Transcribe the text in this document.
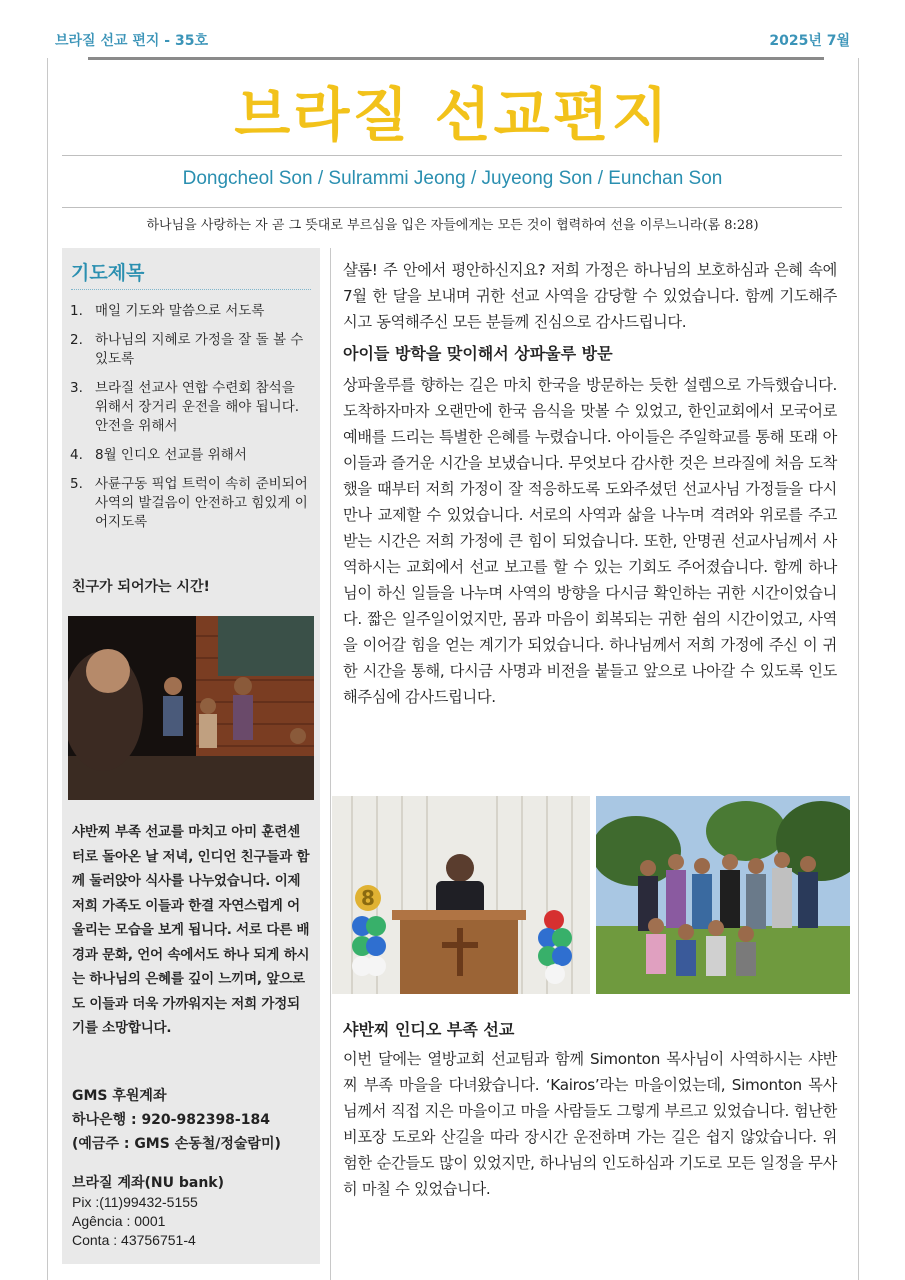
브라질 선교 편지 - 35호	2025년 7월
브라질 선교편지
Dongcheol Son / Sulrammi Jeong / Juyeong Son / Eunchan Son
하나님을 사랑하는 자 곧 그 뜻대로 부르심을 입은 자들에게는 모든 것이 협력하여 선을 이루느니라(롬 8:28)
기도제목
1. 매일 기도와 말씀으로 서도록
2. 하나님의 지혜로 가정을 잘 돌 볼 수 있도록
3. 브라질 선교사 연합 수련회 참석을 위해서 장거리 운전을 해야 됩니다. 안전을 위해서
4. 8월 인디오 선교를 위해서
5. 사륜구동 픽업 트럭이 속히 준비되어 사역의 발걸음이 안전하고 힘있게 이어지도록
친구가 되어가는 시간!
샤반찌 부족 선교를 마치고 아미 훈련센터로 돌아온 날 저녁, 인디언 친구들과 함께 둘러앉아 식사를 나누었습니다. 이제 저희 가족도 이들과 한결 자연스럽게 어울리는 모습을 보게 됩니다. 서로 다른 배경과 문화, 언어 속에서도 하나 되게 하시는 하나님의 은혜를 깊이 느끼며, 앞으로도 이들과 더욱 가까워지는 저희 가정되기를 소망합니다.
GMS 후원계좌
하나은행 : 920-982398-184
(예금주 : GMS 손동철/정술람미)
브라질 계좌(NU bank)
Pix :(11)99432-5155
Agência : 0001
Conta : 43756751-4
샬롬! 주 안에서 평안하신지요? 저희 가정은 하나님의 보호하심과 은혜 속에 7월 한 달을 보내며 귀한 선교 사역을 감당할 수 있었습니다. 함께 기도해주시고 동역해주신 모든 분들께 진심으로 감사드립니다.
아이들 방학을 맞이해서 상파울루 방문
상파울루를 향하는 길은 마치 한국을 방문하는 듯한 설렘으로 가득했습니다. 도착하자마자 오랜만에 한국 음식을 맛볼 수 있었고, 한인교회에서 모국어로 예배를 드리는 특별한 은혜를 누렸습니다. 아이들은 주일학교를 통해 또래 아이들과 즐거운 시간을 보냈습니다. 무엇보다 감사한 것은 브라질에 처음 도착했을 때부터 저희 가정이 잘 적응하도록 도와주셨던 선교사님 가정들을 다시 만나 교제할 수 있었습니다. 서로의 사역과 삶을 나누며 격려와 위로를 주고받는 시간은 저희 가정에 큰 힘이 되었습니다. 또한, 안명권 선교사님께서 사역하시는 교회에서 선교 보고를 할 수 있는 기회도 주어졌습니다. 함께 하나님이 하신 일들을 나누며 사역의 방향을 다시금 확인하는 귀한 시간이었습니다. 짧은 일주일이었지만, 몸과 마음이 회복되는 귀한 쉼의 시간이었고, 사역을 이어갈 힘을 얻는 계기가 되었습니다. 하나님께서 저희 가정에 주신 이 귀한 시간을 통해, 다시금 사명과 비전을 붙들고 앞으로 나아갈 수 있도록 인도해주심에 감사드립니다.
8
샤반찌 인디오 부족 선교
이번 달에는 열방교회 선교팀과 함께 Simonton 목사님이 사역하시는 샤반찌 부족 마을을 다녀왔습니다. ‘Kairos’라는 마을이었는데, Simonton 목사님께서 직접 지은 마을이고 마을 사람들도 그렇게 부르고 있었습니다. 험난한 비포장 도로와 산길을 따라 장시간 운전하며 가는 길은 쉽지 않았습니다. 위험한 순간들도 많이 있었지만, 하나님의 인도하심과 기도로 모든 일정을 무사히 마칠 수 있었습니다.
